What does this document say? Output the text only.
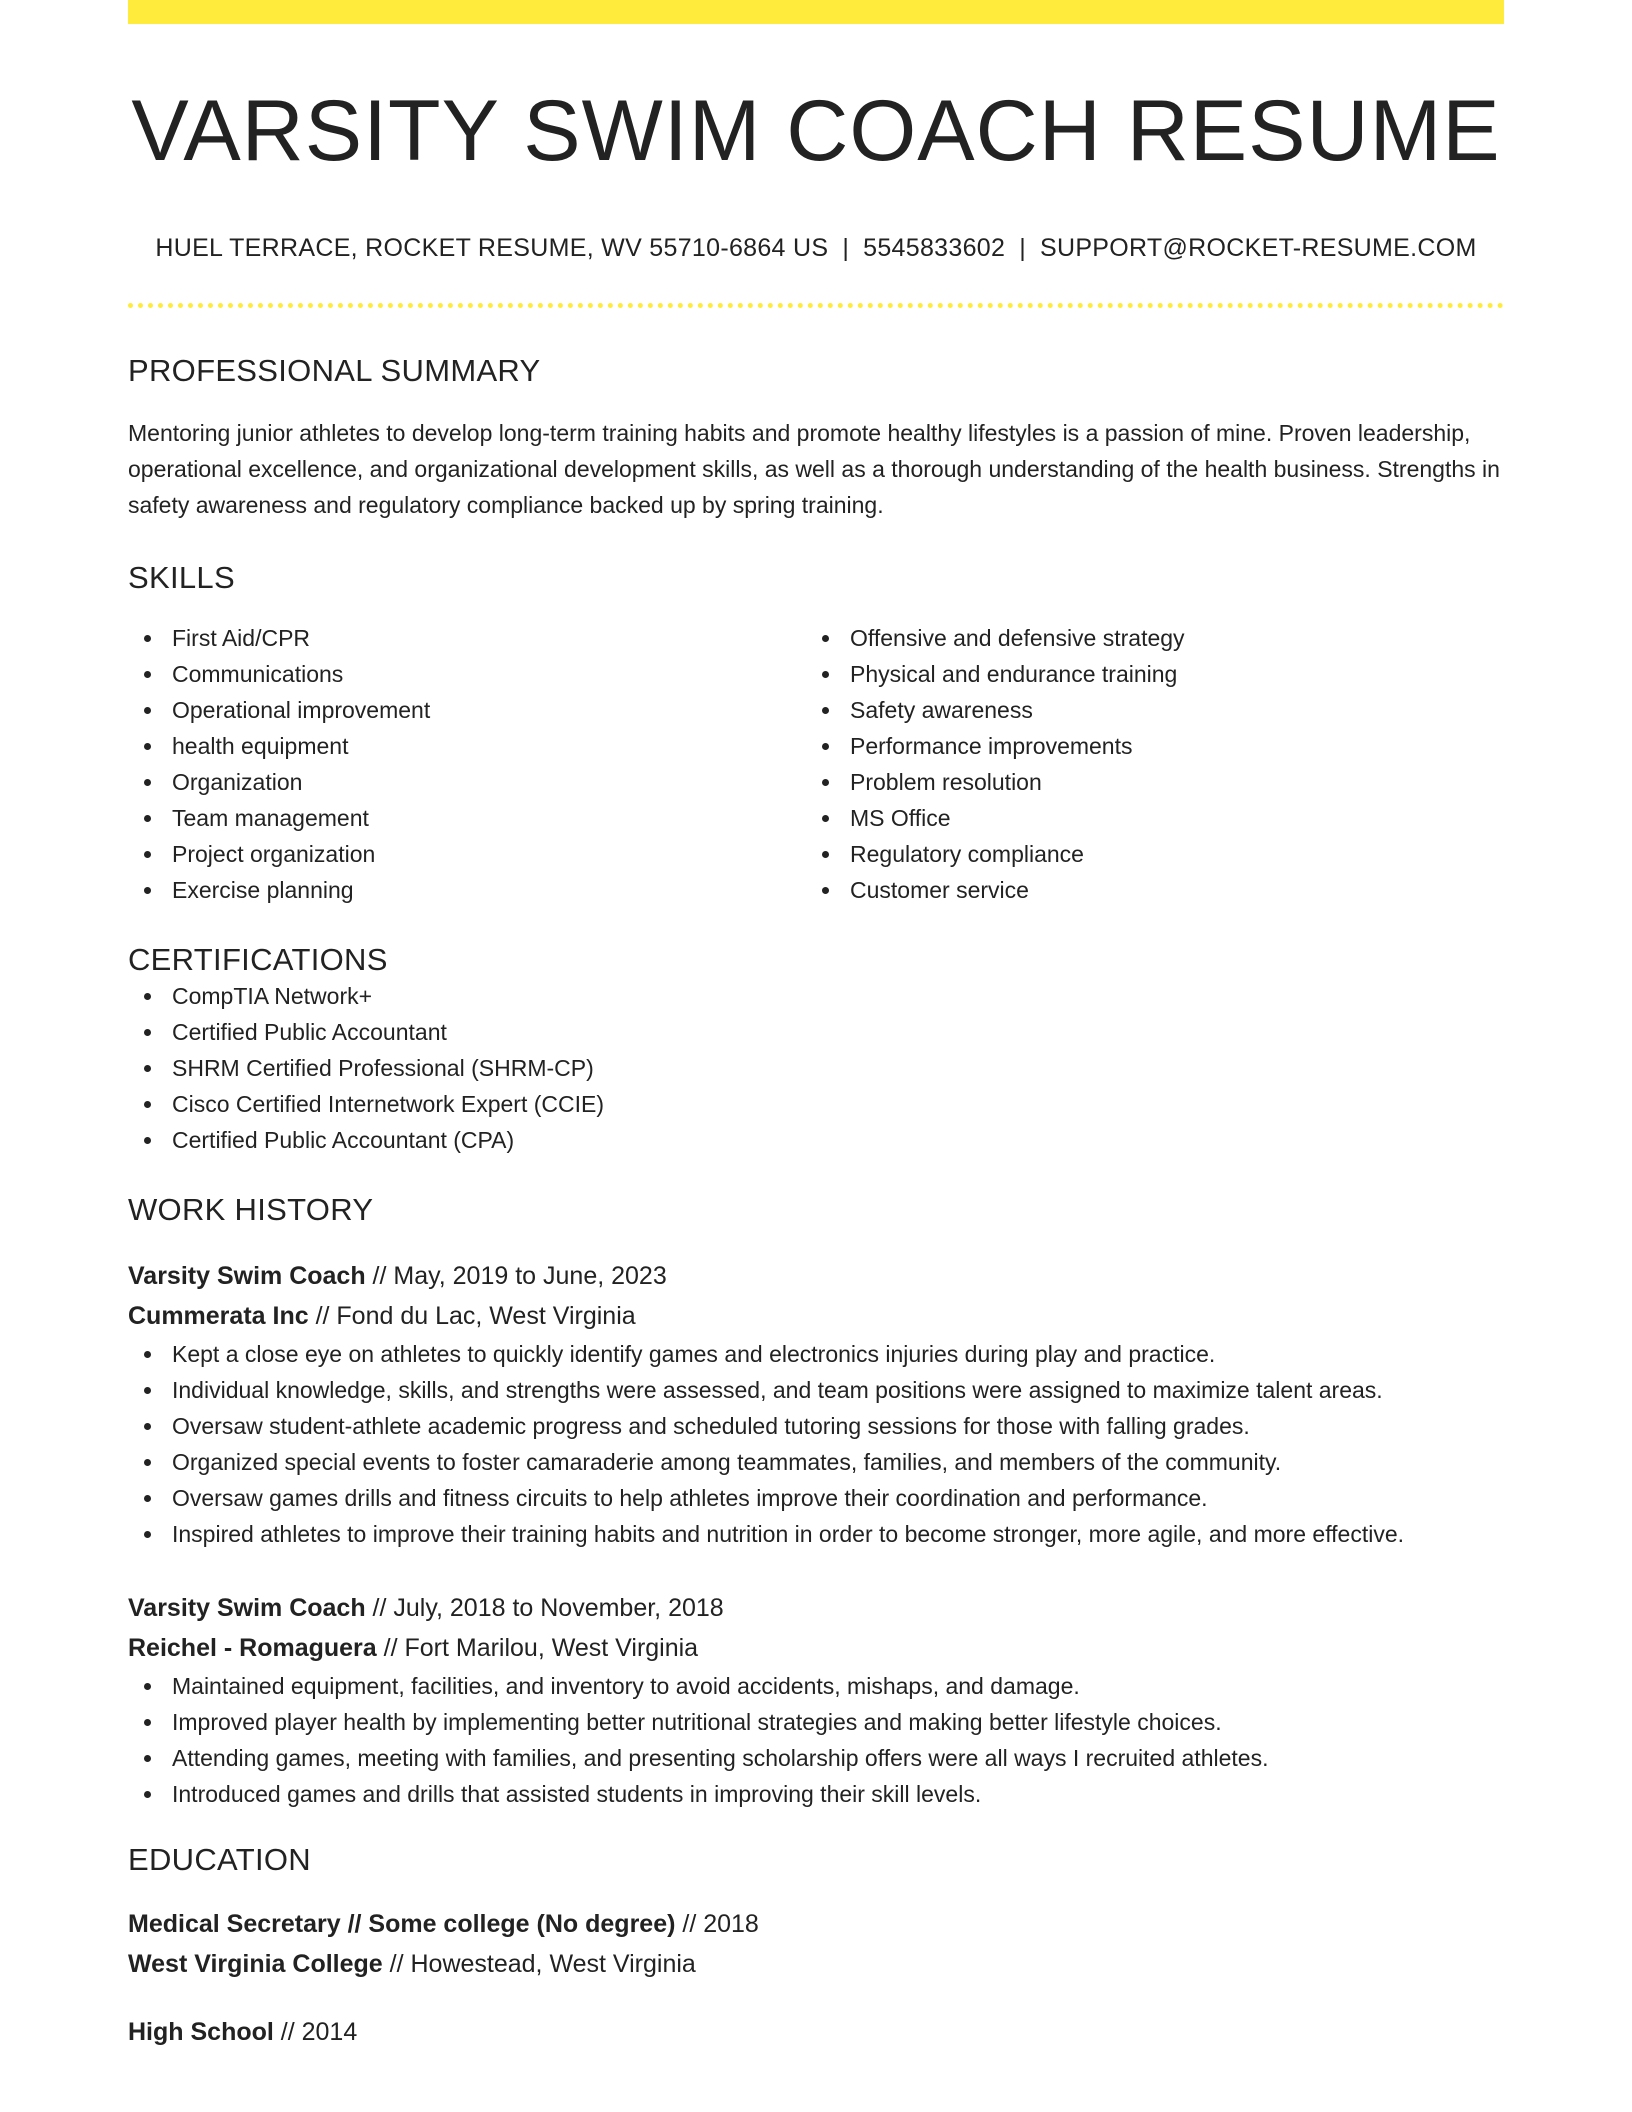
VARSITY SWIM COACH RESUME
HUEL TERRACE, ROCKET RESUME, WV 55710-6864 US | 5545833602 | SUPPORT@ROCKET-RESUME.COM
PROFESSIONAL SUMMARY
Mentoring junior athletes to develop long-term training habits and promote healthy lifestyles is a passion of mine. Proven leadership, operational excellence, and organizational development skills, as well as a thorough understanding of the health business. Strengths in safety awareness and regulatory compliance backed up by spring training.
SKILLS
First Aid/CPR
Communications
Operational improvement
health equipment
Organization
Team management
Project organization
Exercise planning
Offensive and defensive strategy
Physical and endurance training
Safety awareness
Performance improvements
Problem resolution
MS Office
Regulatory compliance
Customer service
CERTIFICATIONS
CompTIA Network+
Certified Public Accountant
SHRM Certified Professional (SHRM-CP)
Cisco Certified Internetwork Expert (CCIE)
Certified Public Accountant (CPA)
WORK HISTORY
Varsity Swim Coach // May, 2019 to June, 2023
Cummerata Inc // Fond du Lac, West Virginia
Kept a close eye on athletes to quickly identify games and electronics injuries during play and practice.
Individual knowledge, skills, and strengths were assessed, and team positions were assigned to maximize talent areas.
Oversaw student-athlete academic progress and scheduled tutoring sessions for those with falling grades.
Organized special events to foster camaraderie among teammates, families, and members of the community.
Oversaw games drills and fitness circuits to help athletes improve their coordination and performance.
Inspired athletes to improve their training habits and nutrition in order to become stronger, more agile, and more effective.
Varsity Swim Coach // July, 2018 to November, 2018
Reichel - Romaguera // Fort Marilou, West Virginia
Maintained equipment, facilities, and inventory to avoid accidents, mishaps, and damage.
Improved player health by implementing better nutritional strategies and making better lifestyle choices.
Attending games, meeting with families, and presenting scholarship offers were all ways I recruited athletes.
Introduced games and drills that assisted students in improving their skill levels.
EDUCATION
Medical Secretary // Some college (No degree) // 2018
West Virginia College // Howestead, West Virginia
High School // 2014
